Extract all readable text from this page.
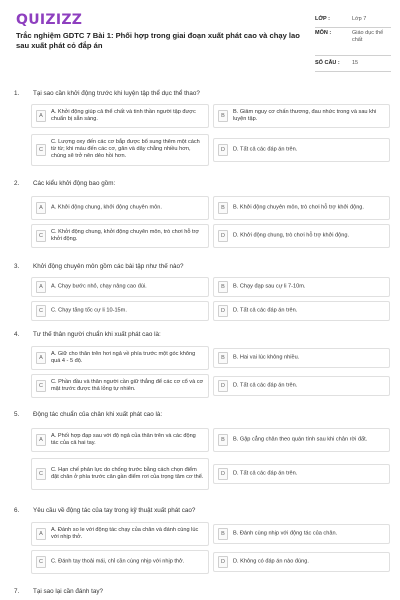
QUIZIZZ
Trắc nghiệm GDTC 7 Bài 1: Phối hợp trong giai đoạn xuất phát cao và chạy lao sau xuất phát cỏ đắp án
LỚP :	Lớp 7
MÔN :	Giáo dục thể chất
SỐ CÂU : 15
1. Tại sao cần khởi động trước khi luyện tập thể dục thể thao?
A
A. Khởi động giúp cả thể chất và tinh thần người tập được chuẩn bị sẵn sàng.	B
B. Giảm nguy cơ chấn thương, đau nhức trong và sau khi luyện tập.
C
C. Lượng oxy đến các cơ bắp được bổ sung thêm một cách từ từ; khi máu đến các cơ, gân và dây chằng nhiều hơn, chúng sẽ trở nên dẻo hồi hơn.
D	D. Tất cả các đáp án trên.
2. Các kiểu khởi động bao gồm:
A	A. Khởi động chung, khởi động chuyên môn.	B	B. Khởi động chuyên môn, trò chơi hỗ trợ khởi động.
C
C. Khởi động chung, khởi động chuyên môn, trò chơi hỗ trợ khởi động.	D	D. Khởi động chung, trò chơi hỗ trợ khởi động.
3. Khởi động chuyên môn gồm các bài tập như thế nào?
A	A. Chạy bước nhỏ, chạy nâng cao đùi.	B	B. Chạy đạp sau cự li 7-10m.
C	C. Chạy tăng tốc cự li 10-15m.	D	D. Tất cả các đáp án trên.
4. Tư thế thân người chuẩn khi xuất phát cao là:
A
A. Giữ cho thân trên hơi ngả về phía trước một góc không quá 4 - 5 độ.	B	B. Hai vai lúc không nhiều.
C
C. Phần đầu và thân người cần giữ thẳng để các cơ cổ và cơ mặt trước được thả lỏng tự nhiên.	D	D. Tất cả các đáp án trên.
5. Động tác chuẩn của chân khi xuất phát cao là:
A
A. Phối hợp đạp sau với độ ngả của thân trên và các động tác của cả hai tay.	B	B. Gập cẳng chân theo quán tính sau khi chân rời đất.
C
C. Hạn chế phản lực do chống trước bằng cách chọn điểm đặt chân ở phía trước cân gần điểm rơi của trọng tâm cơ thể.	D	D. Tất cả các đáp án trên.
6. Yêu cầu về động tác của tay trong kỹ thuật xuất phát cao?
A
A. Đánh so le với động tác chạy của chân và đánh cùng lúc với nhịp thở.	B	B. Đánh cùng nhịp với động tác của chân.
C	C. Đánh tay thoải mái, chỉ cần cùng nhịp với nhịp thở.	D	D. Không có đáp án nào đúng.
7. Tại sao lại cần đánh tay?
